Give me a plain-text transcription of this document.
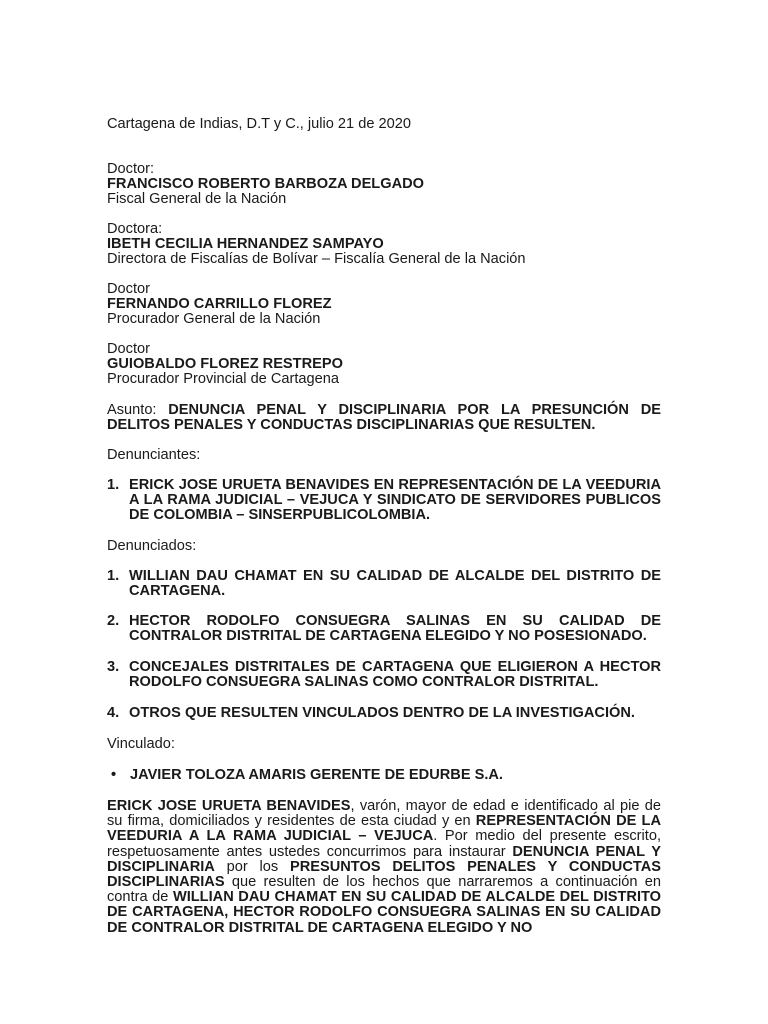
Cartagena de Indias, D.T y C., julio 21 de 2020

Doctor:
FRANCISCO ROBERTO BARBOZA DELGADO
Fiscal General de la Nación
Doctora:
IBETH CECILIA HERNANDEZ SAMPAYO
Directora de Fiscalías de Bolívar – Fiscalía General de la Nación
Doctor
FERNANDO CARRILLO FLOREZ
Procurador General de la Nación
Doctor
GUIOBALDO FLOREZ RESTREPO
Procurador Provincial de Cartagena

Asunto: DENUNCIA PENAL Y DISCIPLINARIA POR LA PRESUNCIÓN DE DELITOS PENALES Y CONDUCTAS DISCIPLINARIAS QUE RESULTEN.

Denunciantes:

1. ERICK JOSE URUETA BENAVIDES EN REPRESENTACIÓN DE LA VEEDURIA A LA RAMA JUDICIAL – VEJUCA Y SINDICATO DE SERVIDORES PUBLICOS DE COLOMBIA – SINSERPUBLICOLOMBIA.

Denunciados:

1. WILLIAN DAU CHAMAT EN SU CALIDAD DE ALCALDE DEL DISTRITO DE CARTAGENA.
2. HECTOR RODOLFO CONSUEGRA SALINAS EN SU CALIDAD DE CONTRALOR DISTRITAL DE CARTAGENA ELEGIDO Y NO POSESIONADO.
3. CONCEJALES DISTRITALES DE CARTAGENA QUE ELIGIERON A HECTOR RODOLFO CONSUEGRA SALINAS COMO CONTRALOR DISTRITAL.
4. OTROS QUE RESULTEN VINCULADOS DENTRO DE LA INVESTIGACIÓN.

Vinculado:

• JAVIER TOLOZA AMARIS GERENTE DE EDURBE S.A.

ERICK JOSE URUETA BENAVIDES, varón, mayor de edad e identificado al pie de su firma, domiciliados y residentes de esta ciudad y en REPRESENTACIÓN DE LA VEEDURIA A LA RAMA JUDICIAL – VEJUCA. Por medio del presente escrito, respetuosamente antes ustedes concurrimos para instaurar DENUNCIA PENAL Y DISCIPLINARIA por los PRESUNTOS DELITOS PENALES Y CONDUCTAS DISCIPLINARIAS que resulten de los hechos que narraremos a continuación en contra de WILLIAN DAU CHAMAT EN SU CALIDAD DE ALCALDE DEL DISTRITO DE CARTAGENA, HECTOR RODOLFO CONSUEGRA SALINAS EN SU CALIDAD DE CONTRALOR DISTRITAL DE CARTAGENA ELEGIDO Y NO
